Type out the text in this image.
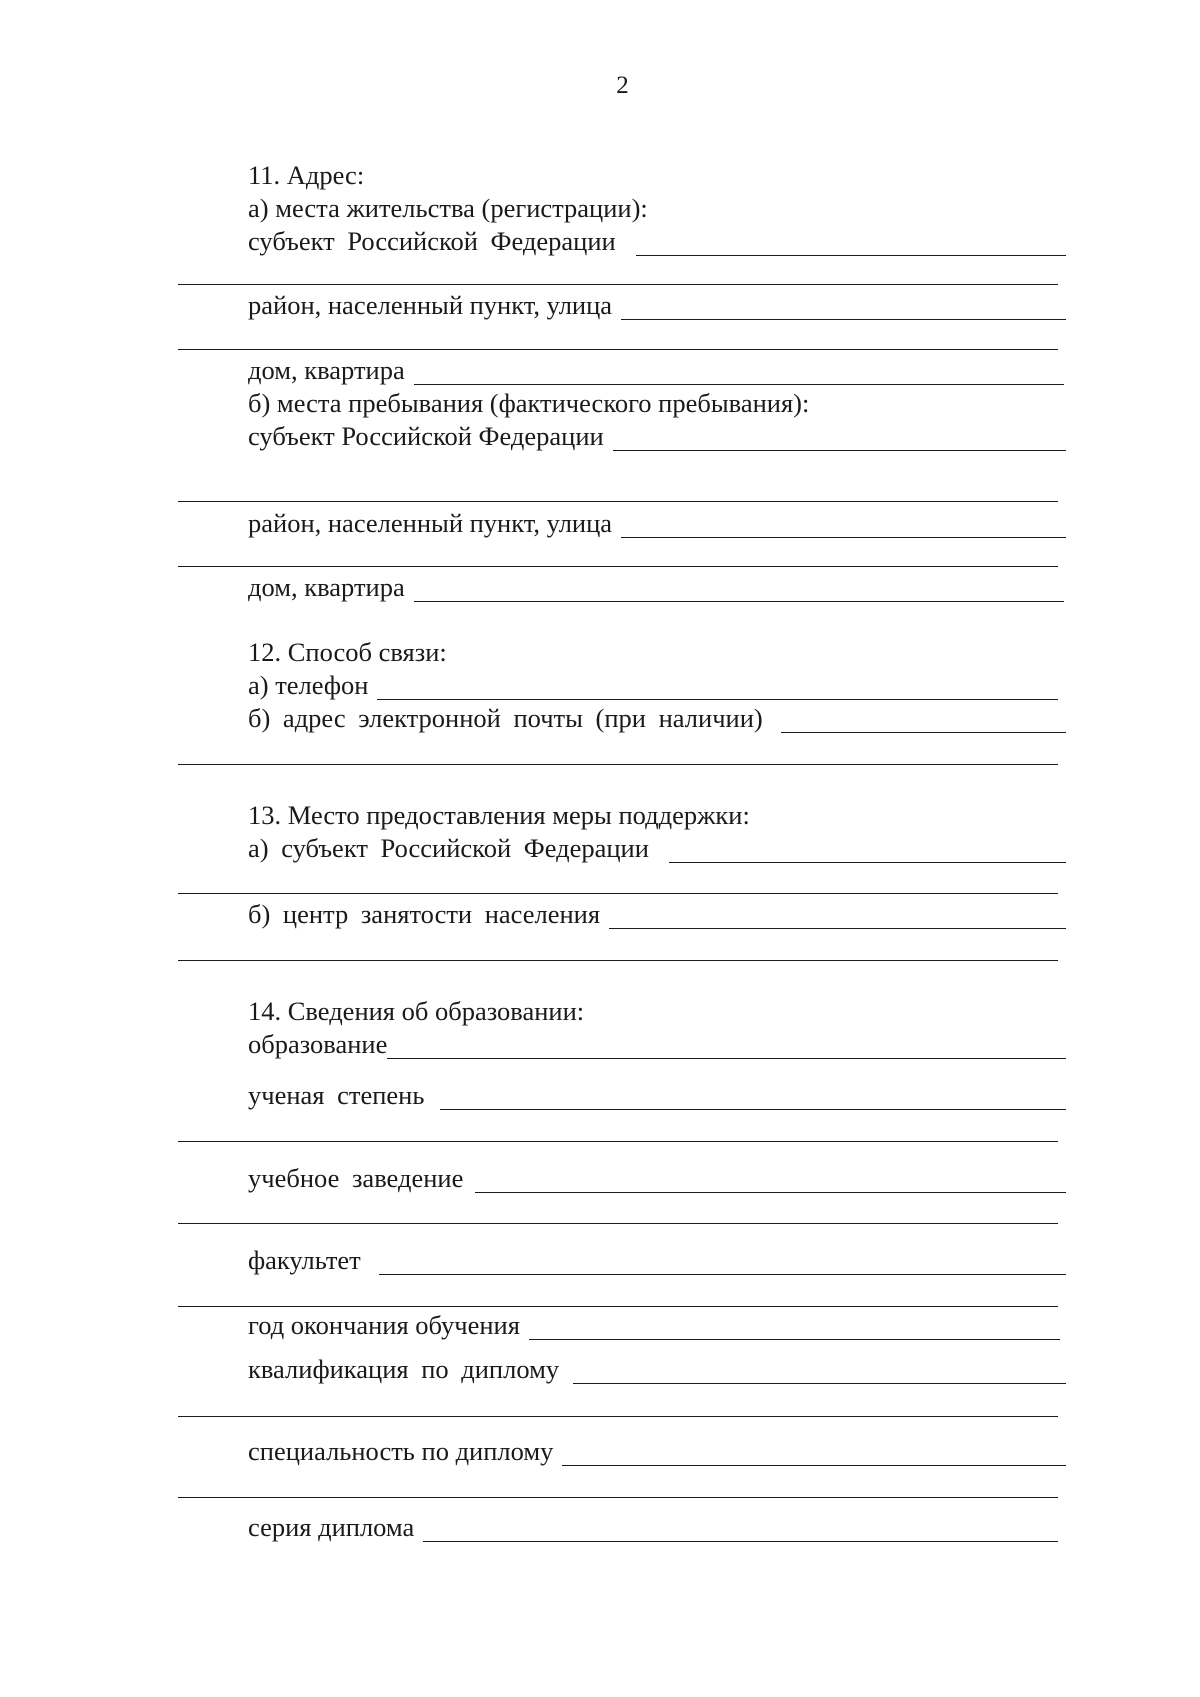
2
11. Адрес:
а) места жительства (регистрации):
субъект Российской Федерации
район, населенный пункт, улица
дом, квартира
б) места пребывания (фактического пребывания):
субъект Российской Федерации
район, населенный пункт, улица
дом, квартира
12. Способ связи:
а) телефон
б) адрес электронной почты (при наличии)
13. Место предоставления меры поддержки:
а) субъект Российской Федерации
б) центр занятости населения
14. Сведения об образовании:
образование
ученая степень
учебное заведение
факультет
год окончания обучения
квалификация по диплому
специальность по диплому
серия диплома
